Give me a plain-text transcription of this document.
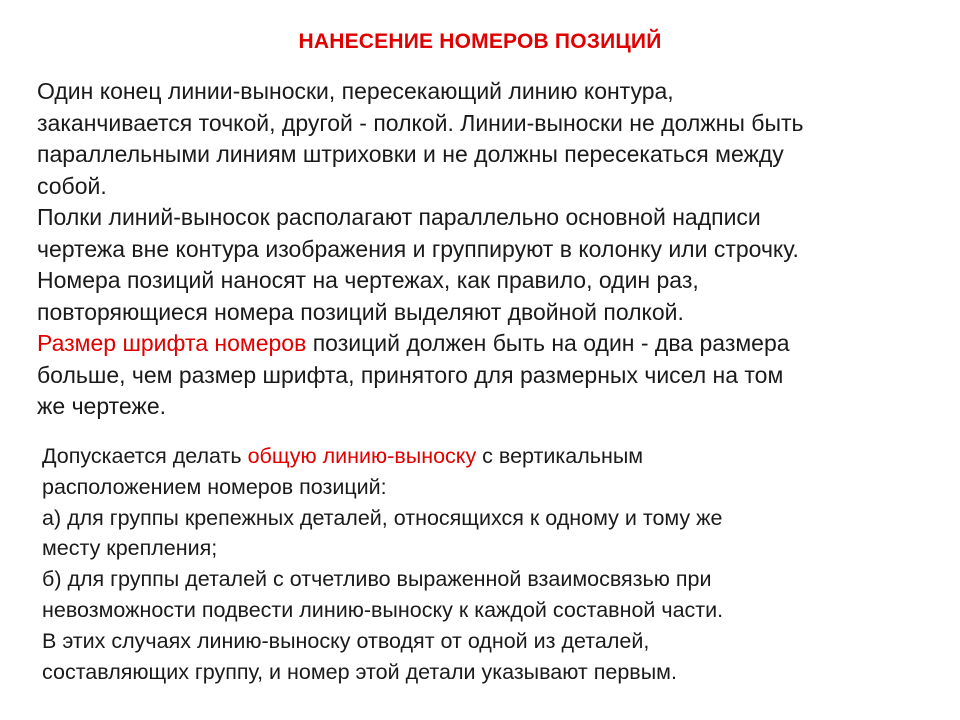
НАНЕСЕНИЕ НОМЕРОВ ПОЗИЦИЙ
Один конец линии-выноски, пересекающий линию контура,
заканчивается точкой, другой - полкой. Линии-выноски не должны быть
параллельными линиям штриховки и не должны пересекаться между
собой.
Полки линий-выносок располагают параллельно основной надписи
чертежа вне контура изображения и группируют в колонку или строчку.
Номера позиций наносят на чертежах, как правило, один раз,
повторяющиеся номера позиций выделяют двойной полкой.
Размер шрифта номеров позиций должен быть на один - два размера
больше, чем размер шрифта, принятого для размерных чисел на том
же чертеже.
Допускается делать общую линию-выноску с вертикальным
расположением номеров позиций:
а) для группы крепежных деталей, относящихся к одному и тому же
месту крепления;
б) для группы деталей с отчетливо выраженной взаимосвязью при
невозможности подвести линию-выноску к каждой составной части.
В этих случаях линию-выноску отводят от одной из деталей,
составляющих группу, и номер этой детали указывают первым.
